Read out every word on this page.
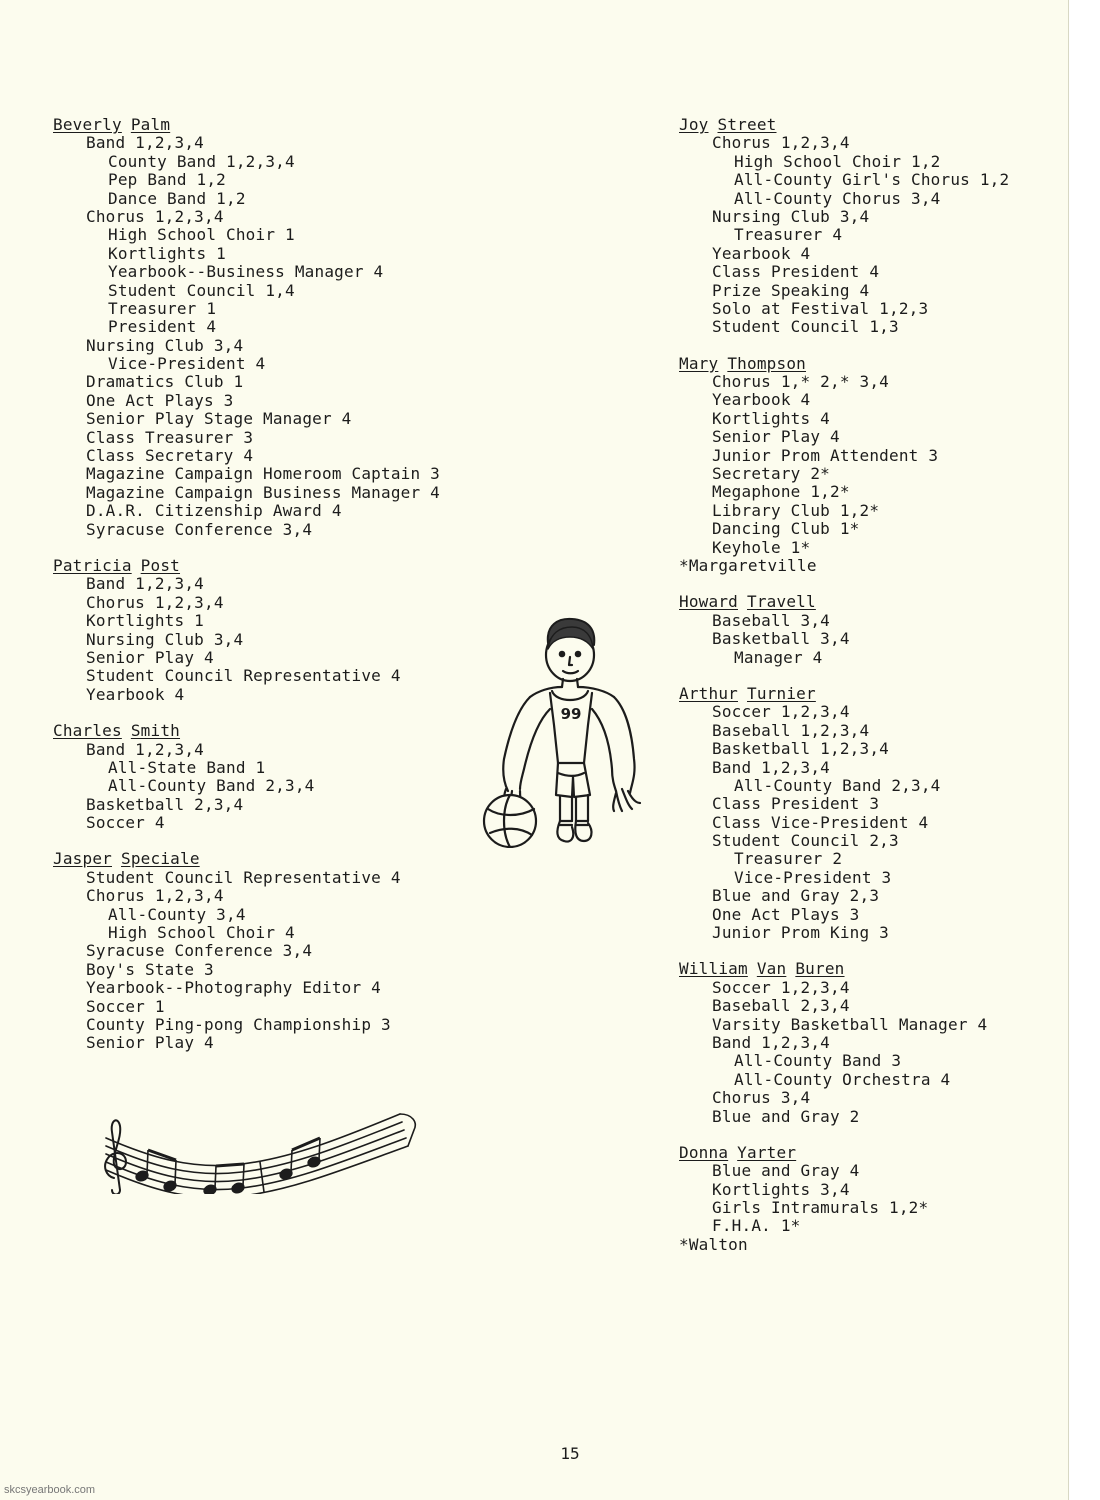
Beverly Palm
Band 1,2,3,4
County Band 1,2,3,4
Pep Band 1,2
Dance Band 1,2
Chorus 1,2,3,4
High School Choir 1
Kortlights 1
Yearbook--Business Manager 4
Student Council 1,4
Treasurer 1
President 4
Nursing Club 3,4
Vice-President 4
Dramatics Club 1
One Act Plays 3
Senior Play Stage Manager 4
Class Treasurer 3
Class Secretary 4
Magazine Campaign Homeroom Captain 3
Magazine Campaign Business Manager 4
D.A.R. Citizenship Award 4
Syracuse Conference 3,4
Patricia Post
Band 1,2,3,4
Chorus 1,2,3,4
Kortlights 1
Nursing Club 3,4
Senior Play 4
Student Council Representative 4
Yearbook 4
Charles Smith
Band 1,2,3,4
All-State Band 1
All-County Band 2,3,4
Basketball 2,3,4
Soccer 4
Jasper Speciale
Student Council Representative 4
Chorus 1,2,3,4
All-County 3,4
High School Choir 4
Syracuse Conference 3,4
Boy's State 3
Yearbook--Photography Editor 4
Soccer 1
County Ping-pong Championship 3
Senior Play 4
Joy Street
Chorus 1,2,3,4
High School Choir 1,2
All-County Girl's Chorus 1,2
All-County Chorus 3,4
Nursing Club 3,4
Treasurer 4
Yearbook 4
Class President 4
Prize Speaking 4
Solo at Festival 1,2,3
Student Council 1,3
Mary Thompson
Chorus 1,* 2,* 3,4
Yearbook 4
Kortlights 4
Senior Play 4
Junior Prom Attendent 3
Secretary 2*
Megaphone 1,2*
Library Club 1,2*
Dancing Club 1*
Keyhole 1*
*Margaretville
Howard Travell
Baseball 3,4
Basketball 3,4
Manager 4
Arthur Turnier
Soccer 1,2,3,4
Baseball 1,2,3,4
Basketball 1,2,3,4
Band 1,2,3,4
All-County Band 2,3,4
Class President 3
Class Vice-President 4
Student Council 2,3
Treasurer 2
Vice-President 3
Blue and Gray 2,3
One Act Plays 3
Junior Prom King 3
William Van Buren
Soccer 1,2,3,4
Baseball 2,3,4
Varsity Basketball Manager 4
Band 1,2,3,4
All-County Band 3
All-County Orchestra 4
Chorus 3,4
Blue and Gray 2
Donna Yarter
Blue and Gray 4
Kortlights 3,4
Girls Intramurals 1,2*
F.H.A. 1*
*Walton
99
15
skcsyearbook.com
